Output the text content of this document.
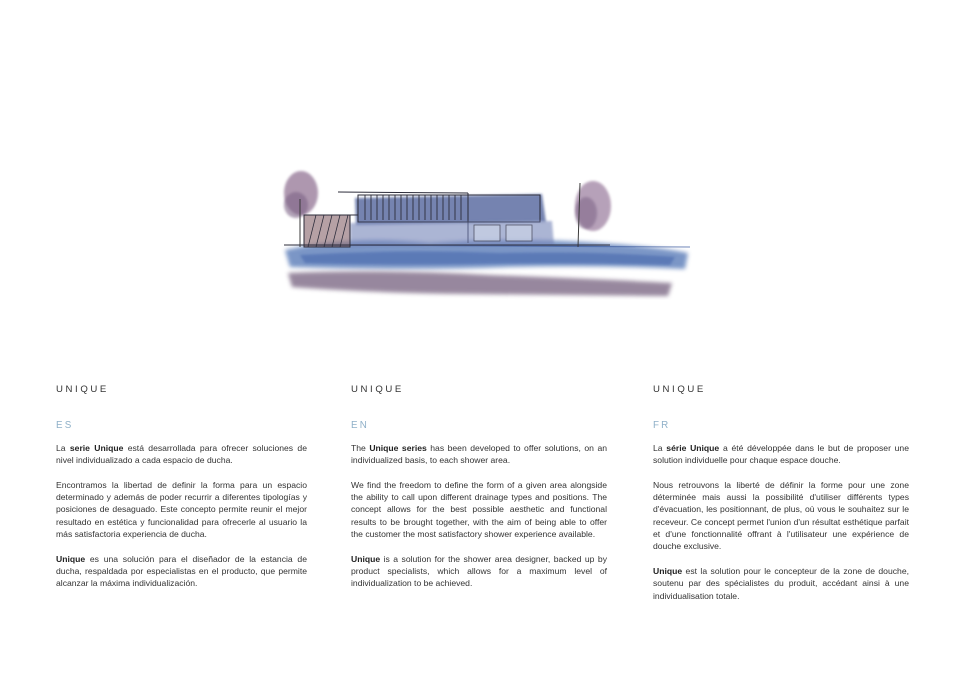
UNIQUE
ES

La serie Unique está desarrollada para ofrecer soluciones de nivel individualizado a cada espacio de ducha.

Encontramos la libertad de definir la forma para un espacio determinado y además de poder recurrir a diferentes tipologías y posiciones de desaguado. Este concepto permite reunir el mejor resultado en estética y funcionalidad para ofrecerle al usuario la más satisfactoria experiencia de ducha.

Unique es una solución para el diseñador de la estancia de ducha, respaldada por especialistas en el producto, que permite alcanzar la máxima individualización.

UNIQUE
EN

The Unique series has been developed to offer solutions, on an individualized basis, to each shower area.

We find the freedom to define the form of a given area alongside the ability to call upon different drainage types and positions. The concept allows for the best possible aesthetic and functional results to be brought together, with the aim of being able to offer the customer the most satisfactory shower experience available.

Unique is a solution for the shower area designer, backed up by product specialists, which allows for a maximum level of individualization to be achieved.

UNIQUE
FR

La série Unique a été développée dans le but de proposer une solution individuelle pour chaque espace douche.

Nous retrouvons la liberté de définir la forme pour une zone déterminée mais aussi la possibilité d'utiliser différents types d'évacuation, les positionnant, de plus, où vous le souhaitez sur le receveur. Ce concept permet l'union d'un résultat esthétique parfait et d'une fonctionnalité offrant à l'utilisateur une expérience de douche exclusive.

Unique est la solution pour le concepteur de la zone de douche, soutenu par des spécialistes du produit, accédant ainsi à une individualisation totale.
